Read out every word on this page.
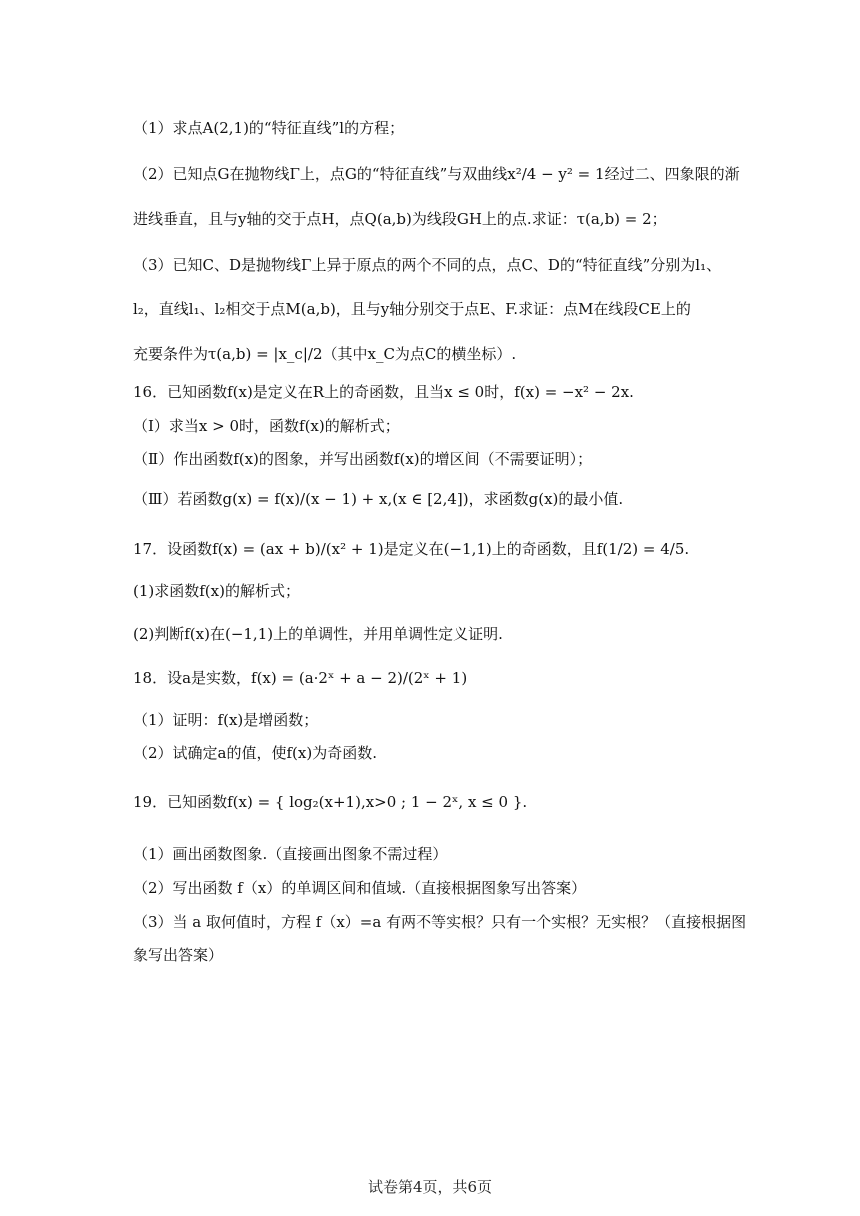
（1）求点A(2,1)的“特征直线”l的方程；
（2）已知点G在抛物线Γ上，点G的“特征直线”与双曲线x²/4 − y² = 1经过二、四象限的渐
进线垂直，且与y轴的交于点H，点Q(a,b)为线段GH上的点.求证：τ(a,b) = 2；
（3）已知C、D是抛物线Γ上异于原点的两个不同的点，点C、D的“特征直线”分别为l₁、
l₂，直线l₁、l₂相交于点M(a,b)，且与y轴分别交于点E、F.求证：点M在线段CE上的
充要条件为τ(a,b) = |x_c|/2（其中x_C为点C的横坐标）.
16．已知函数f(x)是定义在R上的奇函数，且当x ≤ 0时，f(x) = −x² − 2x.
（Ⅰ）求当x > 0时，函数f(x)的解析式；
（Ⅱ）作出函数f(x)的图象，并写出函数f(x)的增区间（不需要证明）；
（Ⅲ）若函数g(x) = f(x)/(x − 1) + x,(x ∈ [2,4])，求函数g(x)的最小值.
17．设函数f(x) = (ax + b)/(x² + 1)是定义在(−1,1)上的奇函数，且f(1/2) = 4/5.
(1)求函数f(x)的解析式；
(2)判断f(x)在(−1,1)上的单调性，并用单调性定义证明.
18．设a是实数，f(x) = (a·2ˣ + a − 2)/(2ˣ + 1)
（1）证明：f(x)是增函数；
（2）试确定a的值，使f(x)为奇函数.
19．已知函数f(x) = { log₂(x+1),x>0 ; 1 − 2ˣ, x ≤ 0 }.
（1）画出函数图象.（直接画出图象不需过程）
（2）写出函数 f（x）的单调区间和值域.（直接根据图象写出答案）
（3）当 a 取何值时，方程 f（x）=a 有两不等实根？只有一个实根？无实根？（直接根据图
象写出答案）
试卷第4页，共6页
